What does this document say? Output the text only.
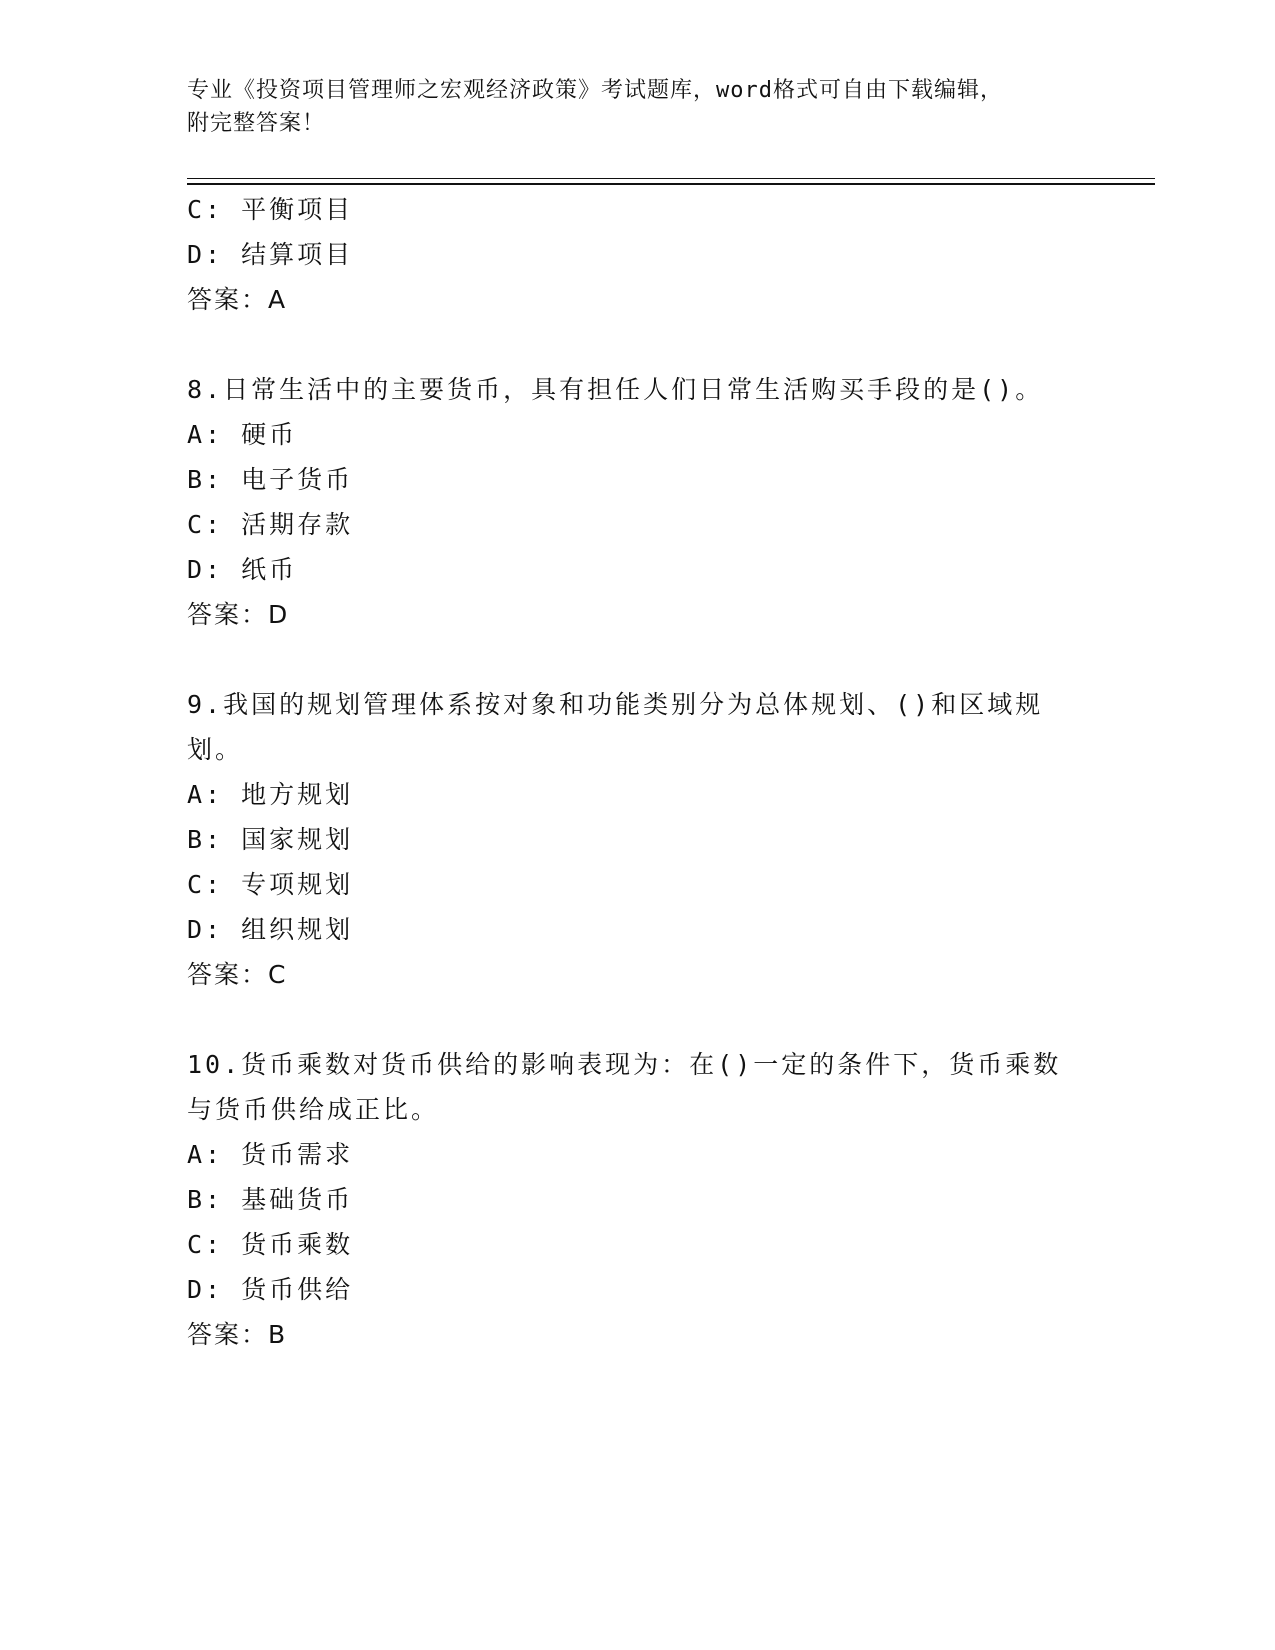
专业《投资项目管理师之宏观经济政策》考试题库，word格式可自由下载编辑，
附完整答案！
C: 平衡项目
D: 结算项目
答案：A
8.日常生活中的主要货币，具有担任人们日常生活购买手段的是()。
A: 硬币
B: 电子货币
C: 活期存款
D: 纸币
答案：D
9.我国的规划管理体系按对象和功能类别分为总体规划、()和区域规
划。
A: 地方规划
B: 国家规划
C: 专项规划
D: 组织规划
答案：C
10.货币乘数对货币供给的影响表现为：在()一定的条件下，货币乘数
与货币供给成正比。
A: 货币需求
B: 基础货币
C: 货币乘数
D: 货币供给
答案：B
